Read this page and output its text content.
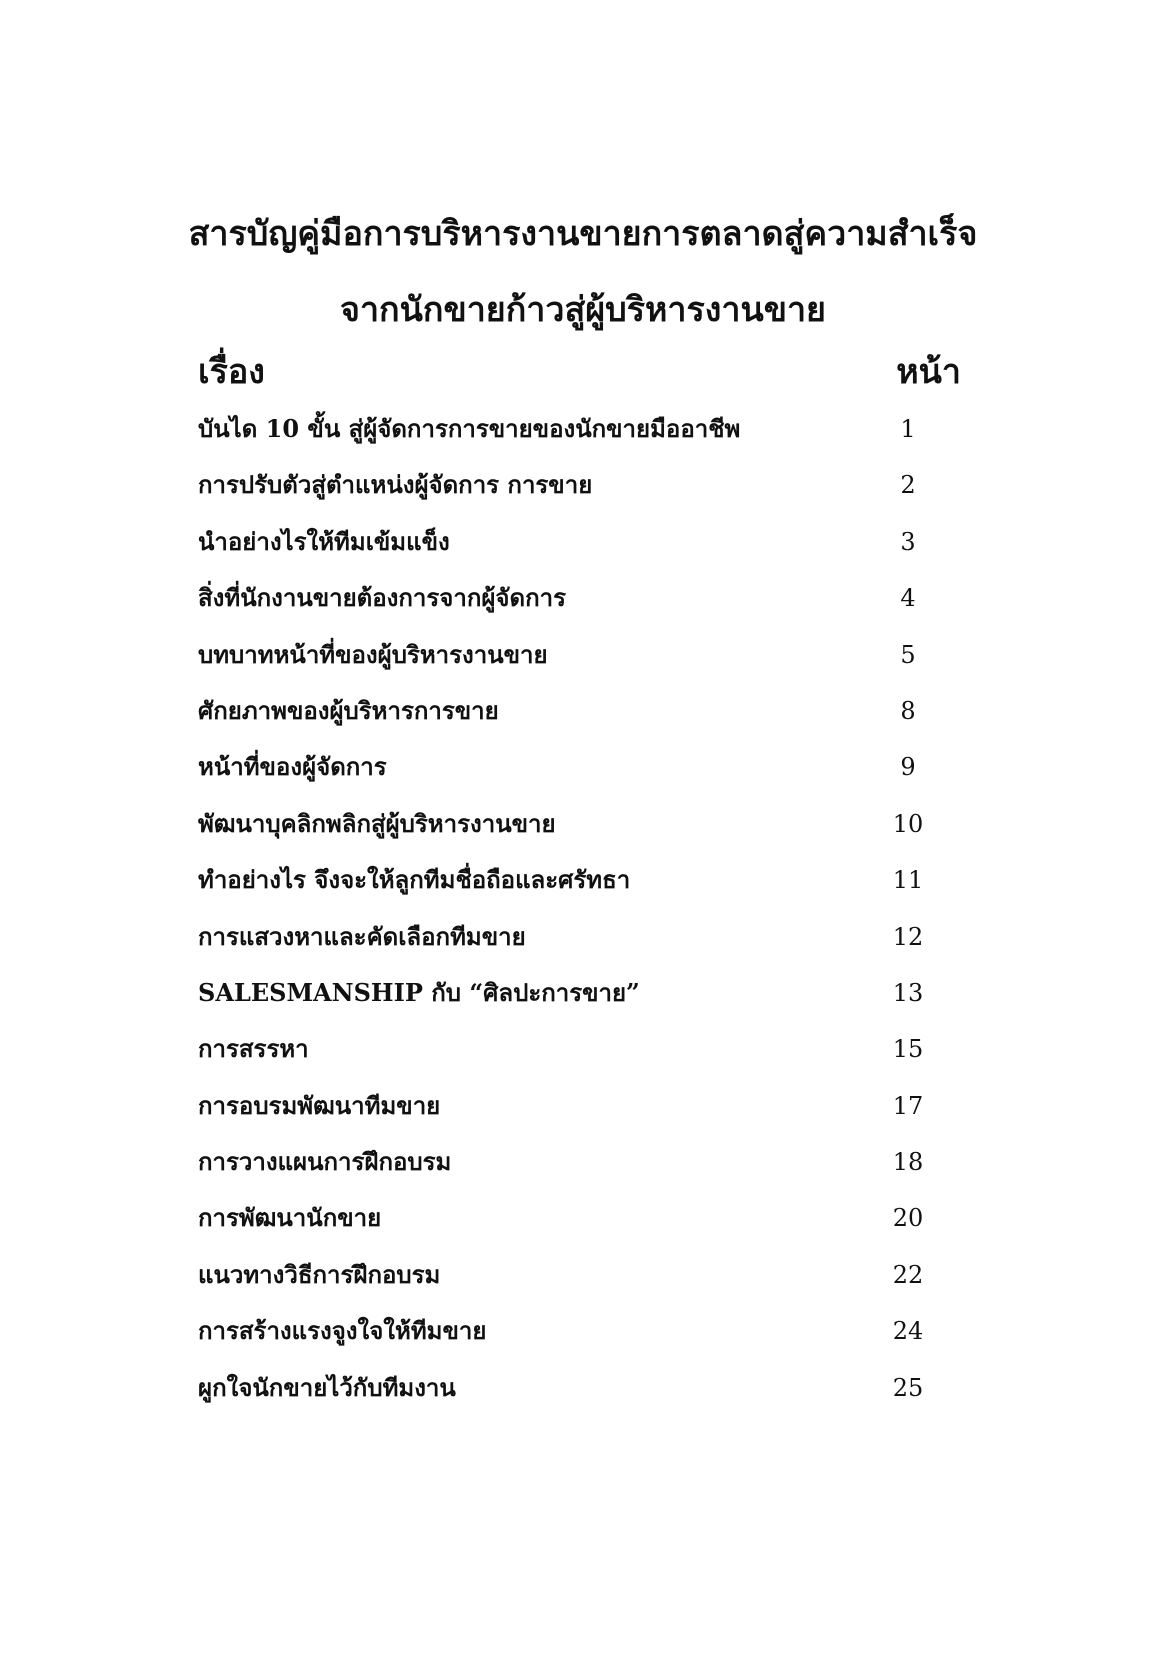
สารบัญคู่มือการบริหารงานขายการตลาดสู่ความสำเร็จ
จากนักขายก้าวสู่ผู้บริหารงานขาย
เรื่อง	หน้า
บันได 10 ขั้น สู่ผู้จัดการการขายของนักขายมืออาชีพ	1
การปรับตัวสู่ตำแหน่งผู้จัดการ การขาย	2
นำอย่างไรให้ทีมเข้มแข็ง	3
สิ่งที่นักงานขายต้องการจากผู้จัดการ	4
บทบาทหน้าที่ของผู้บริหารงานขาย	5
ศักยภาพของผู้บริหารการขาย	8
หน้าที่ของผู้จัดการ	9
พัฒนาบุคลิกพลิกสู่ผู้บริหารงานขาย	10
ทำอย่างไร จึงจะให้ลูกทีมชื่อถือและศรัทธา	11
การแสวงหาและคัดเลือกทีมขาย	12
SALESMANSHIP กับ “ศิลปะการขาย”	13
การสรรหา	15
การอบรมพัฒนาทีมขาย	17
การวางแผนการฝึกอบรม	18
การพัฒนานักขาย	20
แนวทางวิธีการฝึกอบรม	22
การสร้างแรงจูงใจให้ทีมขาย	24
ผูกใจนักขายไว้กับทีมงาน	25
